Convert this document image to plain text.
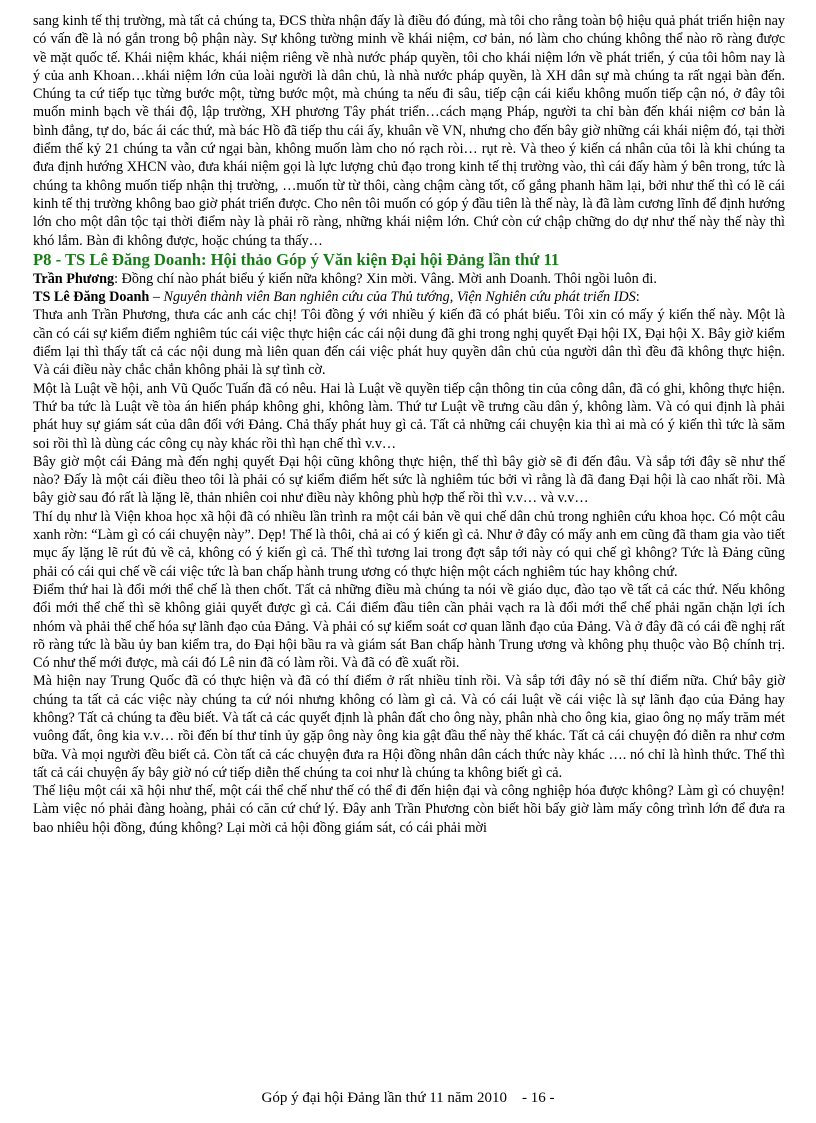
sang kinh tế thị trường, mà tất cả chúng ta, ĐCS thừa nhận đấy là điều đó đúng, mà tôi cho rằng toàn bộ hiệu quả phát triển hiện nay có vấn đề là nó gắn trong bộ phận này. Sự không tường minh về khái niệm, cơ bản, nó làm cho chúng không thể nào rõ ràng được về mặt quốc tế. Khái niệm khác, khái niệm riêng về nhà nước pháp quyền, tôi cho khái niệm lớn về phát triển, ý của tôi hôm nay là ý của anh Khoan…khái niệm lớn của loài người là dân chủ, là nhà nước pháp quyền, là XH dân sự mà chúng ta rất ngại bàn đến. Chúng ta cứ tiếp tục từng bước một, từng bước một, mà chúng ta nếu đi sâu, tiếp cận cái kiểu không muốn tiếp cận nó, ở đây tôi muốn minh bạch về thái độ, lập trường, XH phương Tây phát triển…cách mạng Pháp, người ta chỉ bàn đến khái niệm cơ bản là bình đẳng, tự do, bác ái các thứ, mà bác Hồ đã tiếp thu cái ấy, khuân về VN, nhưng cho đến bây giờ những cái khái niệm đó, tại thời điểm thế kỷ 21 chúng ta vẫn cứ ngại bàn, không muốn làm cho nó rạch ròi… rụt rè. Và theo ý kiến cá nhân của tôi là khi chúng ta đưa định hướng XHCN vào, đưa khái niệm gọi là lực lượng chủ đạo trong kinh tế thị trường vào, thì cái đấy hàm ý bên trong, tức là chúng ta không muốn tiếp nhận thị trường, …muốn từ từ thôi, càng chậm càng tốt, cố gắng phanh hãm lại, bởi như thế thì có lẽ cái kinh tế thị trường không bao giờ phát triển được. Cho nên tôi muốn có góp ý đầu tiên là thế này, là đã làm cương lĩnh để định hướng lớn cho một dân tộc tại thời điểm này là phải rõ ràng, những khái niệm lớn. Chứ còn cứ chập chững do dự như thế này thế này thì khó lắm. Bàn đi không được, hoặc chúng ta thấy…

P8 - TS Lê Đăng Doanh: Hội thảo Góp ý Văn kiện Đại hội Đảng lần thứ 11

Trần Phương: Đồng chí nào phát biểu ý kiến nữa không? Xin mời. Vâng. Mời anh Doanh. Thôi ngồi luôn đi.

TS Lê Đăng Doanh – Nguyên thành viên Ban nghiên cứu của Thủ tướng, Viện Nghiên cứu phát triển IDS:

Thưa anh Trần Phương, thưa các anh các chị! Tôi đồng ý với nhiều ý kiến đã có phát biểu. Tôi xin có mấy ý kiến thế này. Một là cần có cái sự kiểm điểm nghiêm túc cái việc thực hiện các cái nội dung đã ghi trong nghị quyết Đại hội IX, Đại hội X. Bây giờ kiểm điểm lại thì thấy tất cả các nội dung mà liên quan đến cái việc phát huy quyền dân chủ của người dân thì đều đã không thực hiện. Và cái điều này chắc chắn không phải là sự tình cờ.

Một là Luật về hội, anh Vũ Quốc Tuấn đã có nêu. Hai là Luật về quyền tiếp cận thông tin của công dân, đã có ghi, không thực hiện. Thứ ba tức là Luật về tòa án hiến pháp không ghi, không làm. Thứ tư Luật về trưng cầu dân ý, không làm. Và có qui định là phải phát huy sự giám sát của dân đối với Đảng. Chả thấy phát huy gì cả. Tất cả những cái chuyện kia thì ai mà có ý kiến thì tức là săm soi rồi thì là dùng các công cụ này khác rồi thì hạn chế thì v.v…

Bây giờ một cái Đảng mà đến nghị quyết Đại hội cũng không thực hiện, thế thì bây giờ sẽ đi đến đâu. Và sắp tới đây sẽ như thế nào? Đấy là một cái điều theo tôi là phải có sự kiểm điểm hết sức là nghiêm túc bởi vì rằng là đã đang Đại hội là cao nhất rồi. Mà bây giờ sau đó rất là lặng lẽ, thản nhiên coi như điều này không phù hợp thế rồi thì v.v… và v.v…

Thí dụ như là Viện khoa học xã hội đã có nhiều lần trình ra một cái bản về qui chế dân chủ trong nghiên cứu khoa học. Có một câu xanh rờn: “Làm gì có cái chuyện này”. Dẹp! Thế là thôi, chả ai có ý kiến gì cả. Như ở đây có mấy anh em cũng đã tham gia vào tiết mục ấy lặng lẽ rút đủ về cả, không có ý kiến gì cả. Thế thì tương lai trong đợt sắp tới này có qui chế gì không? Tức là Đảng cũng phải có cái qui chế về cái việc tức là ban chấp hành trung ương có thực hiện một cách nghiêm túc hay không chứ.

Điểm thứ hai là đổi mới thể chế là then chốt. Tất cả những điều mà chúng ta nói về giáo dục, đào tạo về tất cả các thứ. Nếu không đổi mới thể chế thì sẽ không giải quyết được gì cả. Cái điểm đầu tiên cần phải vạch ra là đổi mới thể chế phải ngăn chặn lợi ích nhóm và phải thể chế hóa sự lãnh đạo của Đảng. Và phải có sự kiểm soát cơ quan lãnh đạo của Đảng. Và ở đây đã có cái đề nghị rất rõ ràng tức là bầu ủy ban kiểm tra, do Đại hội bầu ra và giám sát Ban chấp hành Trung ương và không phụ thuộc vào Bộ chính trị. Có như thế mới được, mà cái đó Lê nin đã có làm rồi. Và đã có đề xuất rồi.

Mà hiện nay Trung Quốc đã có thực hiện và đã có thí điểm ở rất nhiều tỉnh rồi. Và sắp tới đây nó sẽ thí điểm nữa. Chứ bây giờ chúng ta tất cả các việc này chúng ta cứ nói nhưng không có làm gì cả. Và có cái luật về cái việc là sự lãnh đạo của Đảng hay không? Tất cả chúng ta đều biết. Và tất cả các quyết định là phân đất cho ông này, phân nhà cho ông kia, giao ông nọ mấy trăm mét vuông đất, ông kia v.v… rồi đến bí thư tỉnh ủy gặp ông này ông kia gật đầu thế này thế khác. Tất cả cái chuyện đó diễn ra như cơm bữa. Và mọi người đều biết cả. Còn tất cả các chuyện đưa ra Hội đồng nhân dân cách thức này khác …. nó chỉ là hình thức. Thế thì tất cả cái chuyện ấy bây giờ nó cứ tiếp diễn thế chúng ta coi như là chúng ta không biết gì cả.

Thế liệu một cái xã hội như thế, một cái thể chế như thế có thể đi đến hiện đại và công nghiệp hóa được không? Làm gì có chuyện! Làm việc nó phải đàng hoàng, phải có căn cứ chứ lý. Đây anh Trần Phương còn biết hồi bấy giờ làm mấy công trình lớn để đưa ra bao nhiêu hội đồng, đúng không? Lại mời cả hội đồng giám sát, có cái phải mời

Góp ý đại hội Đảng lần thứ 11 năm 2010    - 16 -
